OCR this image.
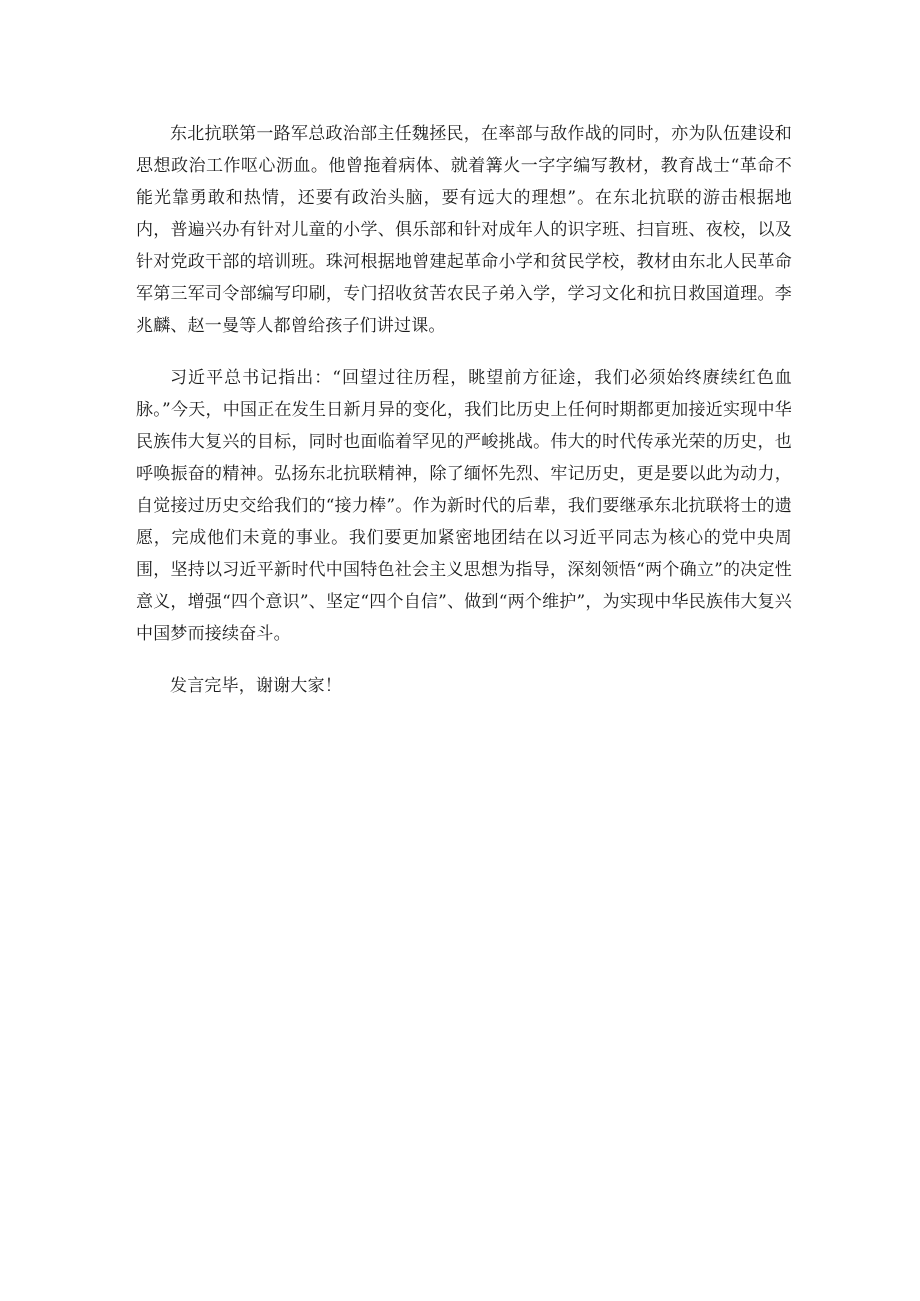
东北抗联第一路军总政治部主任魏拯民，在率部与敌作战的同时，亦为队伍建设和思想政治工作呕心沥血。他曾拖着病体、就着篝火一字字编写教材，教育战士“革命不能光靠勇敢和热情，还要有政治头脑，要有远大的理想”。在东北抗联的游击根据地内，普遍兴办有针对儿童的小学、俱乐部和针对成年人的识字班、扫盲班、夜校，以及针对党政干部的培训班。珠河根据地曾建起革命小学和贫民学校，教材由东北人民革命军第三军司令部编写印刷，专门招收贫苦农民子弟入学，学习文化和抗日救国道理。李兆麟、赵一曼等人都曾给孩子们讲过课。

习近平总书记指出：“回望过往历程，眺望前方征途，我们必须始终赓续红色血脉。”今天，中国正在发生日新月异的变化，我们比历史上任何时期都更加接近实现中华民族伟大复兴的目标，同时也面临着罕见的严峻挑战。伟大的时代传承光荣的历史，也呼唤振奋的精神。弘扬东北抗联精神，除了缅怀先烈、牢记历史，更是要以此为动力，自觉接过历史交给我们的“接力棒”。作为新时代的后辈，我们要继承东北抗联将士的遗愿，完成他们未竟的事业。我们要更加紧密地团结在以习近平同志为核心的党中央周围，坚持以习近平新时代中国特色社会主义思想为指导，深刻领悟“两个确立”的决定性意义，增强“四个意识”、坚定“四个自信”、做到“两个维护”，为实现中华民族伟大复兴中国梦而接续奋斗。

发言完毕，谢谢大家！
